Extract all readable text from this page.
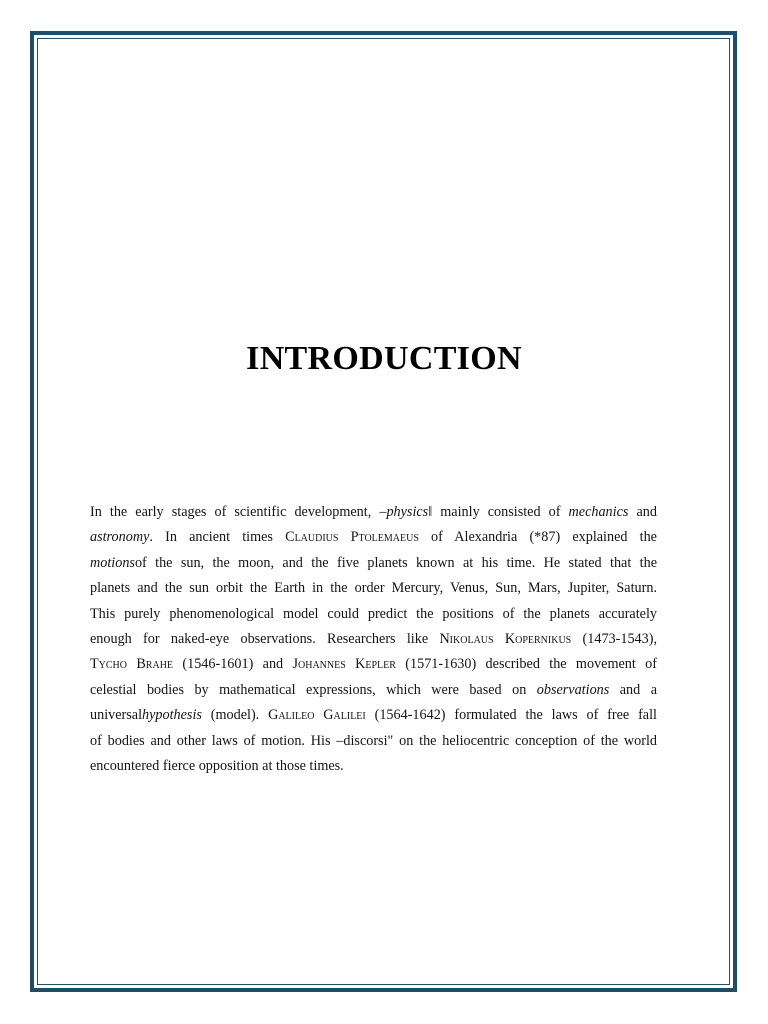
INTRODUCTION
In the early stages of scientific development, –physics‖ mainly consisted of mechanics and
astronomy. In ancient times Claudius Ptolemaeus of Alexandria (*87) explained the
motionsof the sun, the moon, and the five planets known at his time. He stated that the
planets and the sun orbit the Earth in the order Mercury, Venus, Sun, Mars, Jupiter, Saturn.
This purely phenomenological model could predict the positions of the planets accurately
enough for naked-eye observations. Researchers like Nikolaus Kopernikus (1473-1543),
Tycho Brahe (1546-1601) and Johannes Kepler (1571-1630) described the movement of
celestial bodies by mathematical expressions, which were based on observations and a
universalhypothesis (model). Galileo Galilei (1564-1642) formulated the laws of free fall
of bodies and other laws of motion. His –discorsi" on the heliocentric conception of the world
encountered fierce opposition at those times.
